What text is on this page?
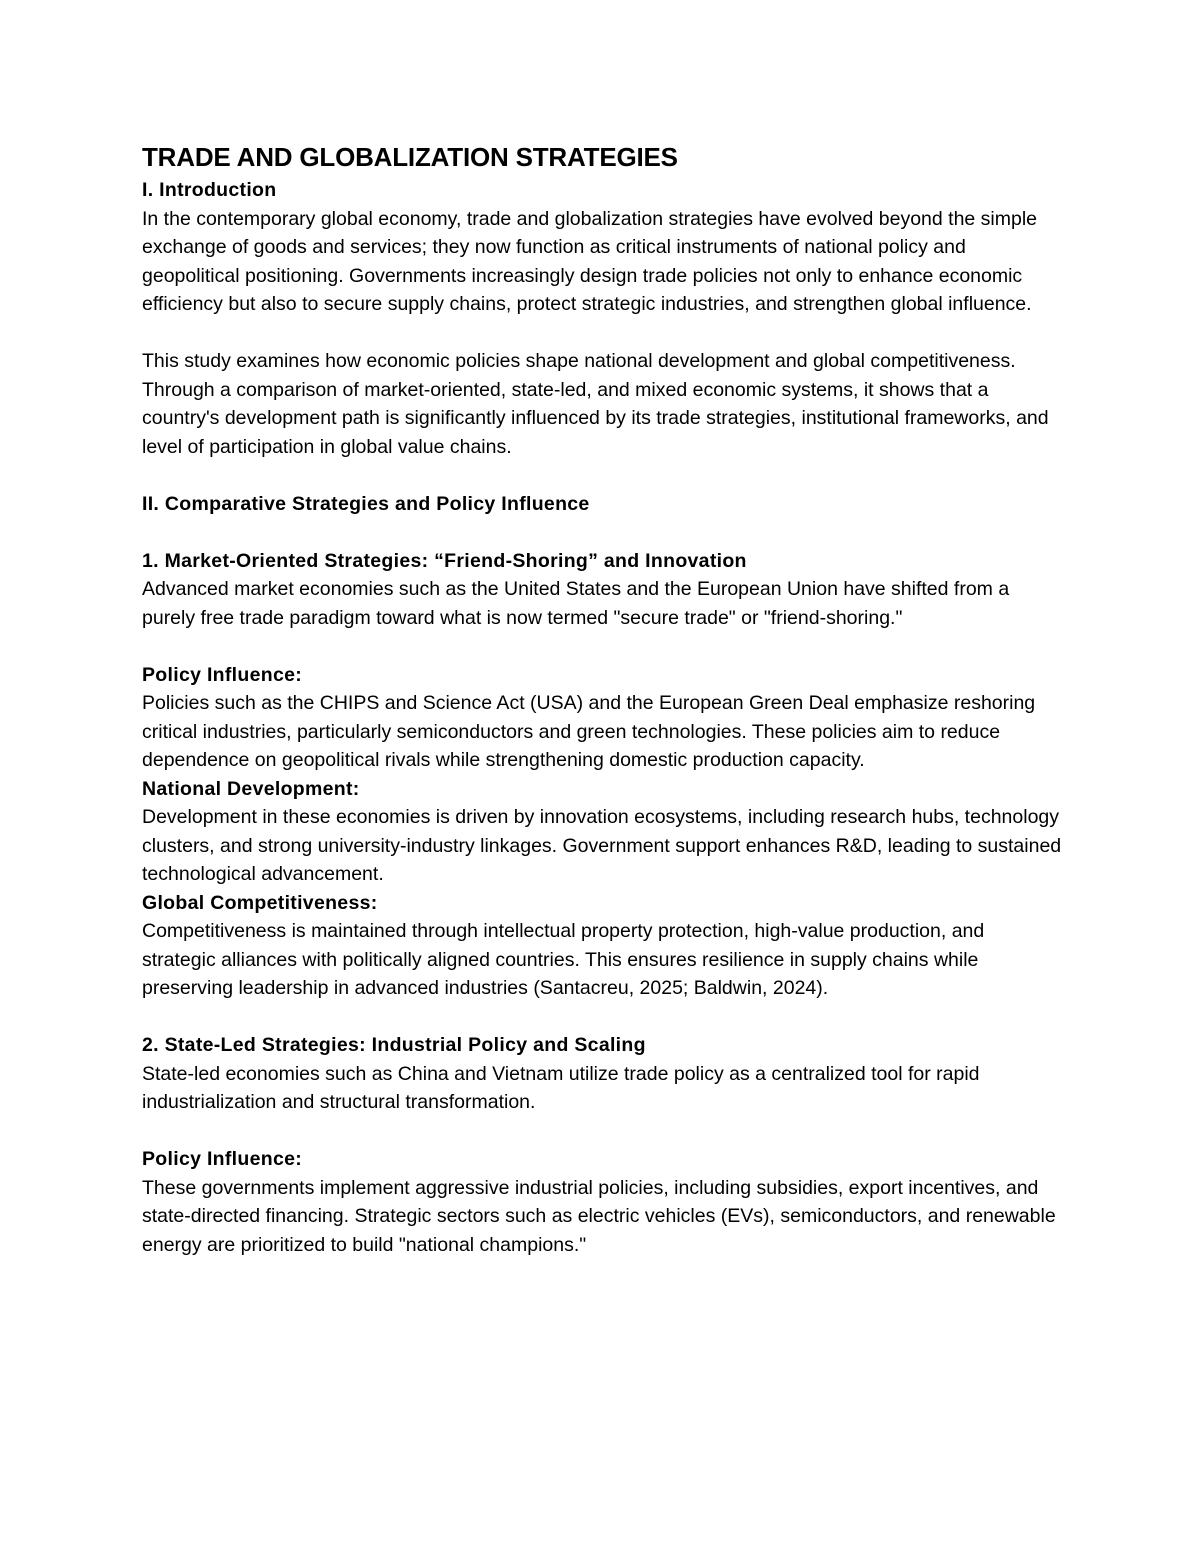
TRADE AND GLOBALIZATION STRATEGIES
I. Introduction

In the contemporary global economy, trade and globalization strategies have evolved beyond the simple exchange of goods and services; they now function as critical instruments of national policy and geopolitical positioning. Governments increasingly design trade policies not only to enhance economic efficiency but also to secure supply chains, protect strategic industries, and strengthen global influence.

This study examines how economic policies shape national development and global competitiveness. Through a comparison of market-oriented, state-led, and mixed economic systems, it shows that a country's development path is significantly influenced by its trade strategies, institutional frameworks, and level of participation in global value chains.

II. Comparative Strategies and Policy Influence
1. Market-Oriented Strategies: “Friend-Shoring” and Innovation

Advanced market economies such as the United States and the European Union have shifted from a purely free trade paradigm toward what is now termed "secure trade" or "friend-shoring."

Policy Influence:

Policies such as the CHIPS and Science Act (USA) and the European Green Deal emphasize reshoring critical industries, particularly semiconductors and green technologies. These policies aim to reduce dependence on geopolitical rivals while strengthening domestic production capacity.

National Development:

Development in these economies is driven by innovation ecosystems, including research hubs, technology clusters, and strong university-industry linkages. Government support enhances R&D, leading to sustained technological advancement.

Global Competitiveness:

Competitiveness is maintained through intellectual property protection, high-value production, and strategic alliances with politically aligned countries. This ensures resilience in supply chains while preserving leadership in advanced industries (Santacreu, 2025; Baldwin, 2024).

2. State-Led Strategies: Industrial Policy and Scaling

State-led economies such as China and Vietnam utilize trade policy as a centralized tool for rapid industrialization and structural transformation.

Policy Influence:

These governments implement aggressive industrial policies, including subsidies, export incentives, and state-directed financing. Strategic sectors such as electric vehicles (EVs), semiconductors, and renewable energy are prioritized to build "national champions."
